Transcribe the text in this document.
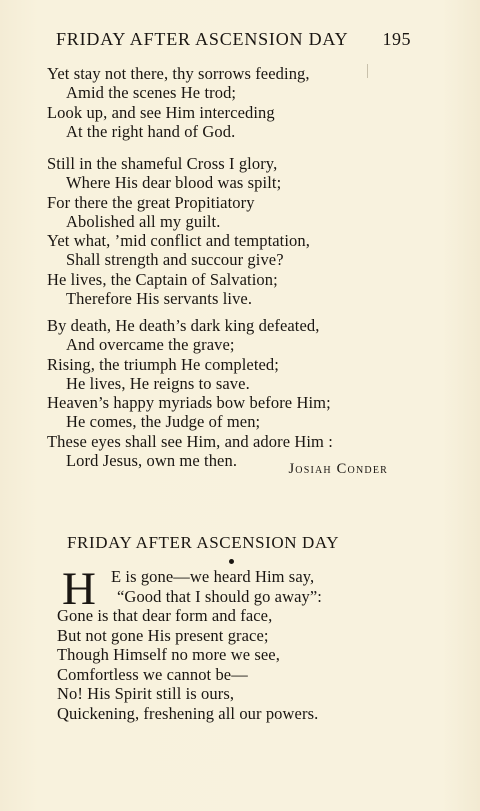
FRIDAY AFTER ASCENSION DAY 195
Yet stay not there, thy sorrows feeding,
Amid the scenes He trod;
Look up, and see Him interceding
At the right hand of God.
Still in the shameful Cross I glory,
Where His dear blood was spilt;
For there the great Propitiatory
Abolished all my guilt.
Yet what, ’mid conflict and temptation,
Shall strength and succour give?
He lives, the Captain of Salvation;
Therefore His servants live.
By death, He death’s dark king defeated,
And overcame the grave;
Rising, the triumph He completed;
He lives, He reigns to save.
Heaven’s happy myriads bow before Him;
He comes, the Judge of men;
These eyes shall see Him, and adore Him :
Lord Jesus, own me then.	Josiah Conder
FRIDAY AFTER ASCENSION DAY
H E is gone—we heard Him say,
“Good that I should go away”:
Gone is that dear form and face,
But not gone His present grace;
Though Himself no more we see,
Comfortless we cannot be—
No! His Spirit still is ours,
Quickening, freshening all our powers.
